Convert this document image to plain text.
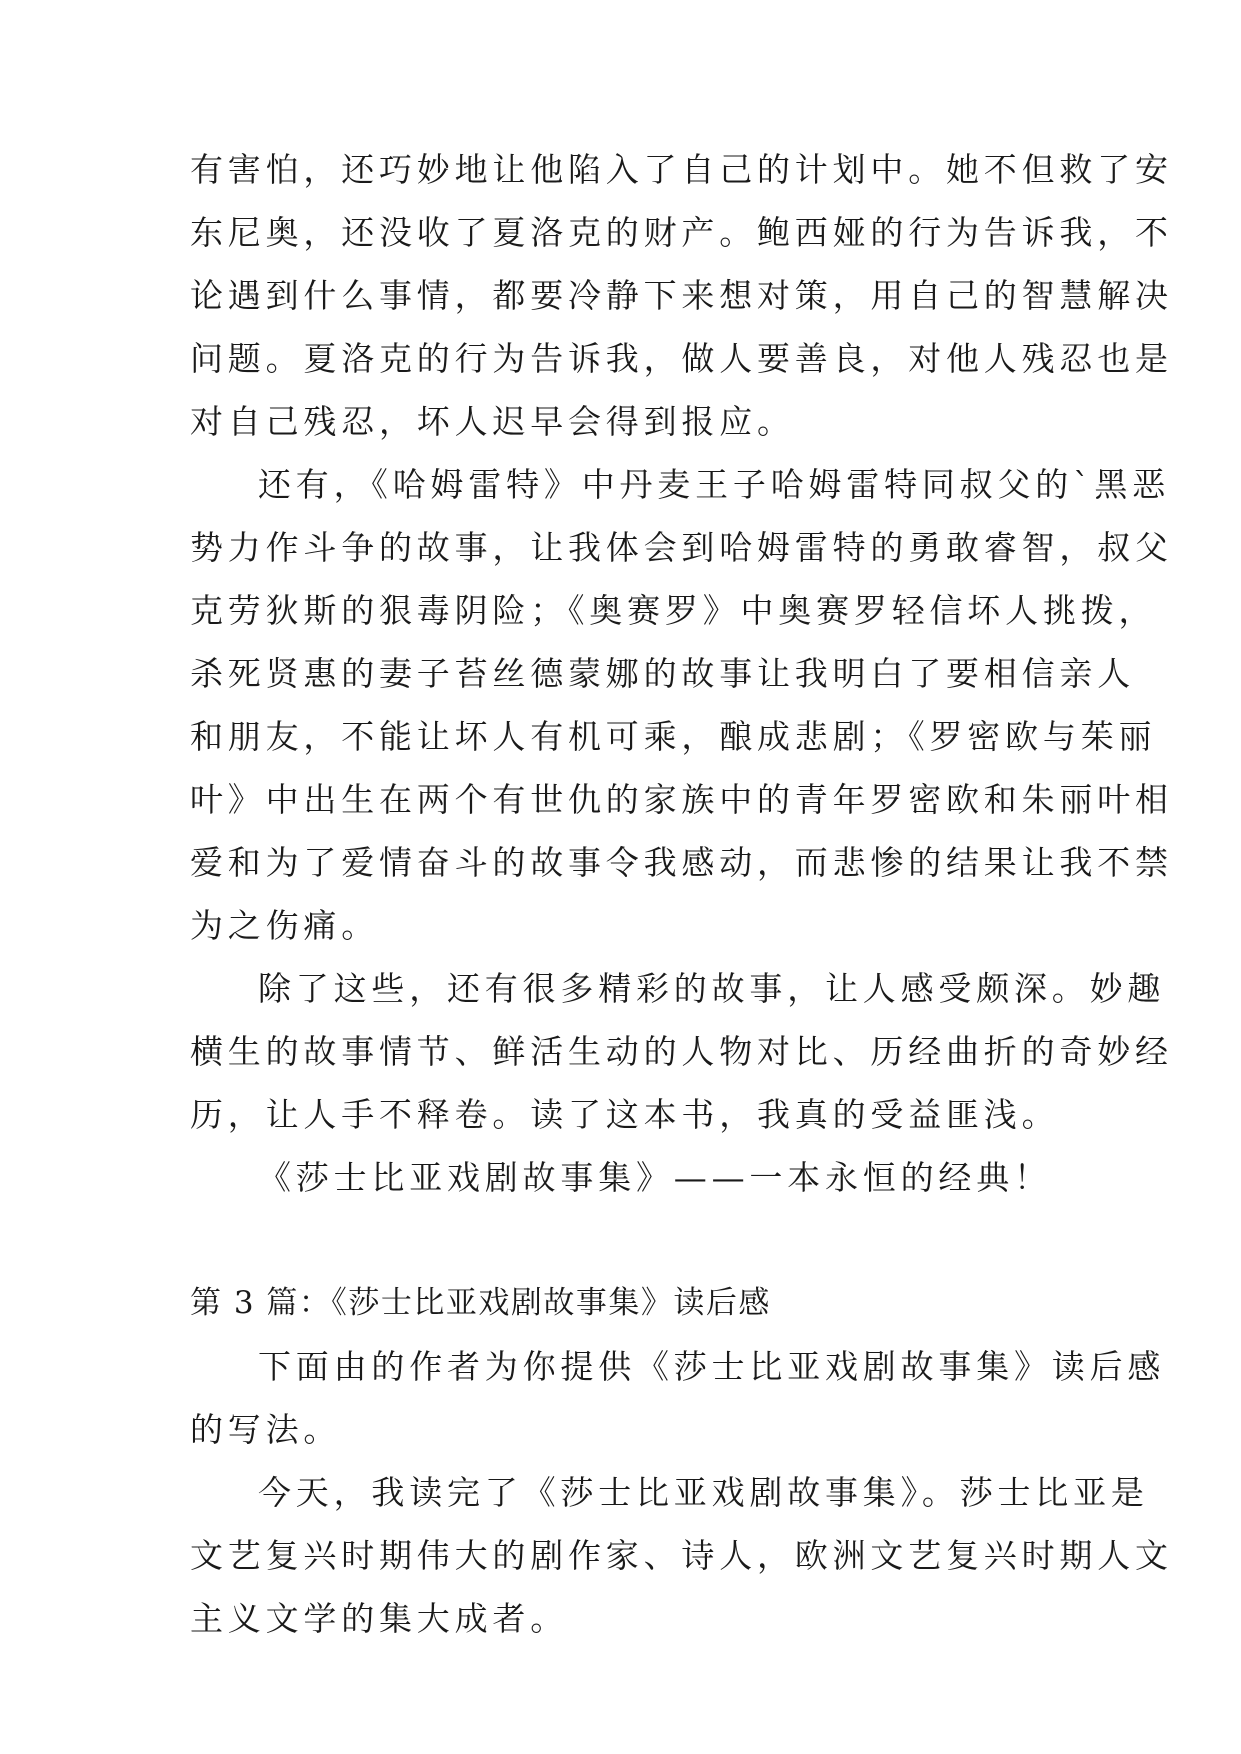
有害怕，还巧妙地让他陷入了自己的计划中。她不但救了安
东尼奥，还没收了夏洛克的财产。鲍西娅的行为告诉我，不
论遇到什么事情，都要冷静下来想对策，用自己的智慧解决
问题。夏洛克的行为告诉我，做人要善良，对他人残忍也是
对自己残忍，坏人迟早会得到报应。
还有，《哈姆雷特》中丹麦王子哈姆雷特同叔父的`黑恶
势力作斗争的故事，让我体会到哈姆雷特的勇敢睿智，叔父
克劳狄斯的狠毒阴险；《奥赛罗》中奥赛罗轻信坏人挑拨，
杀死贤惠的妻子苔丝德蒙娜的故事让我明白了要相信亲人
和朋友，不能让坏人有机可乘，酿成悲剧；《罗密欧与茱丽
叶》中出生在两个有世仇的家族中的青年罗密欧和朱丽叶相
爱和为了爱情奋斗的故事令我感动，而悲惨的结果让我不禁
为之伤痛。
除了这些，还有很多精彩的故事，让人感受颇深。妙趣
横生的故事情节、鲜活生动的人物对比、历经曲折的奇妙经
历，让人手不释卷。读了这本书，我真的受益匪浅。
《莎士比亚戏剧故事集》——一本永恒的经典！
第 3 篇：《莎士比亚戏剧故事集》读后感
下面由的作者为你提供《莎士比亚戏剧故事集》读后感
的写法。
今天，我读完了《莎士比亚戏剧故事集》。莎士比亚是
文艺复兴时期伟大的剧作家、诗人，欧洲文艺复兴时期人文
主义文学的集大成者。
